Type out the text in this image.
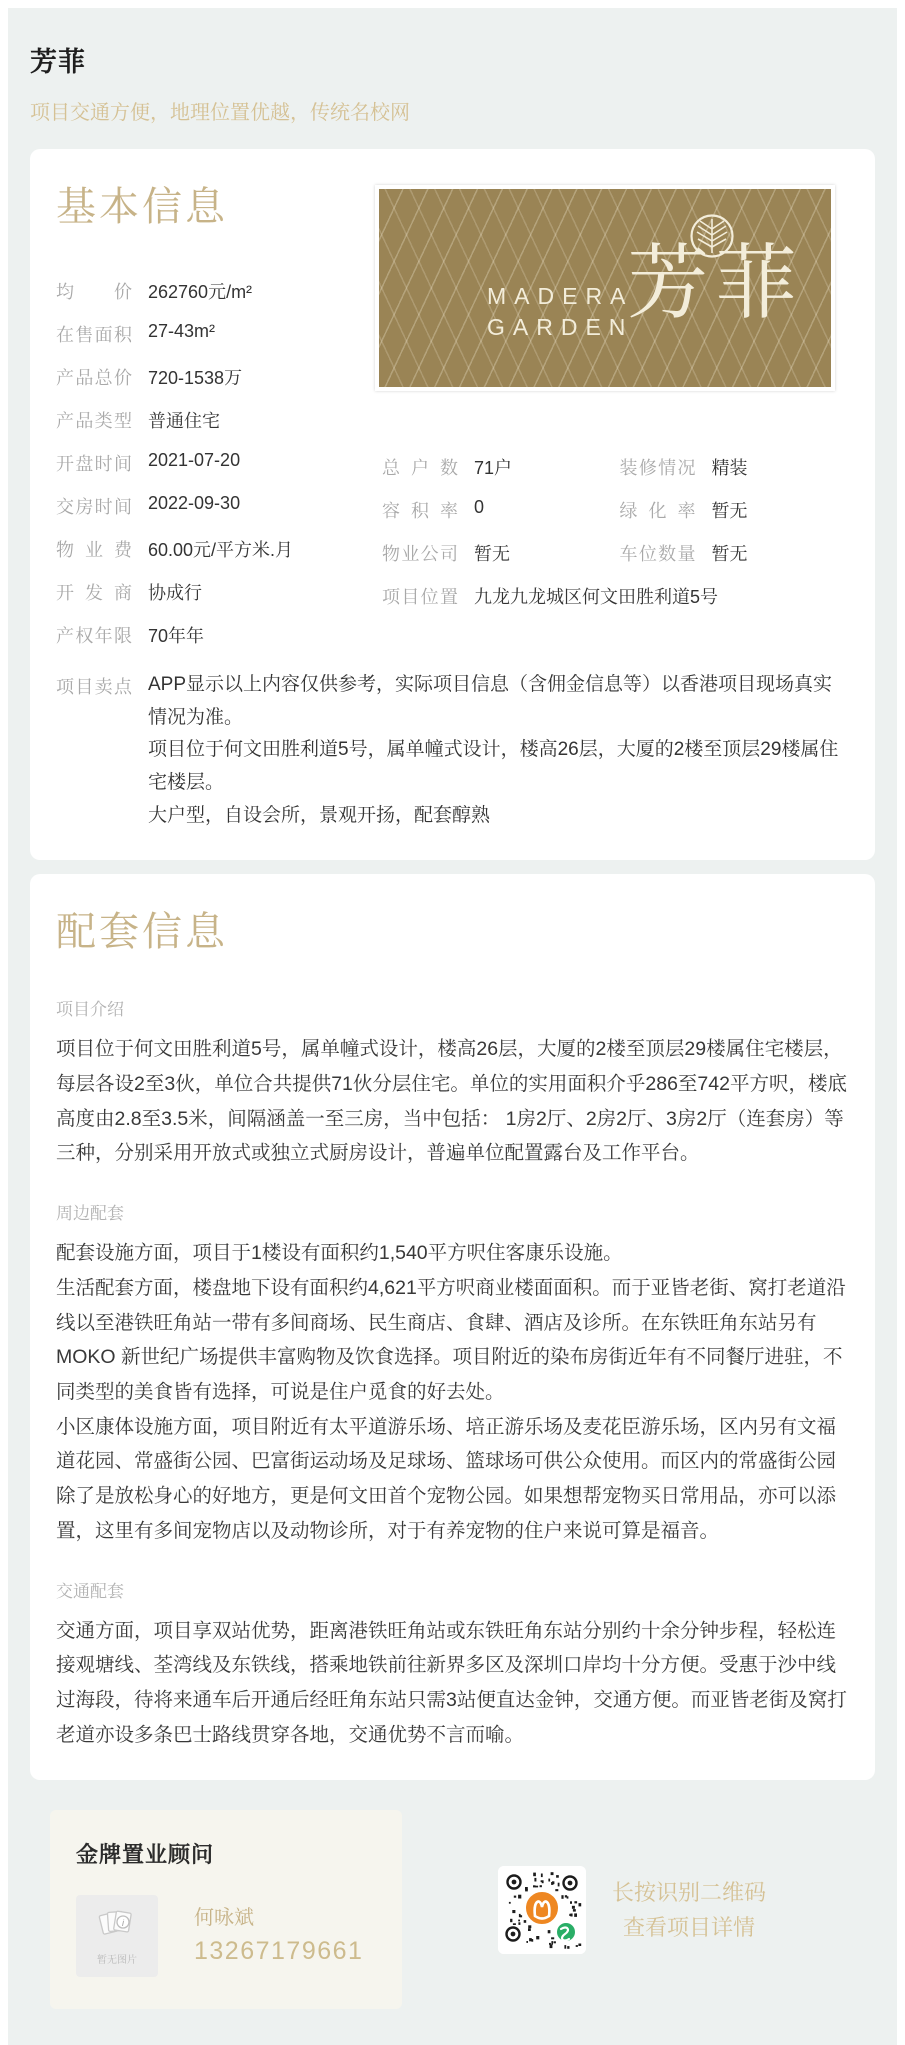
芳菲
项目交通方便，地理位置优越，传统名校网
基本信息
MADERA
GARDEN
芳菲
均价 262760元/m²
在售面积 27-43m²
产品总价 720-1538万
产品类型 普通住宅
开盘时间 2021-07-20
交房时间 2022-09-30
物业费 60.00元/平方米.月
开发商 协成行
产权年限 70年年
总户数 71户	装修情况 精装
容积率 0	绿化率 暂无
物业公司 暂无	车位数量 暂无
项目位置 九龙九龙城区何文田胜利道5号
项目卖点 APP显示以上内容仅供参考，实际项目信息（含佣金信息等）以香港项目现场真实情况为准。
项目位于何文田胜利道5号，属单幢式设计，楼高26层，大厦的2楼至顶层29楼属住宅楼层。
大户型，自设会所，景观开扬，配套醇熟
配套信息
项目介绍

项目位于何文田胜利道5号，属单幢式设计，楼高26层，大厦的2楼至顶层29楼属住宅楼层，每层各设2至3伙，单位合共提供71伙分层住宅。单位的实用面积介乎286至742平方呎，楼底高度由2.8至3.5米，间隔涵盖一至三房，当中包括： 1房2厅、2房2厅、3房2厅（连套房）等三种，分别采用开放式或独立式厨房设计，普遍单位配置露台及工作平台。

周边配套

配套设施方面，项目于1楼设有面积约1,540平方呎住客康乐设施。

生活配套方面，楼盘地下设有面积约4,621平方呎商业楼面面积。而于亚皆老街、窝打老道沿线以至港铁旺角站一带有多间商场、民生商店、食肆、酒店及诊所。在东铁旺角东站另有MOKO 新世纪广场提供丰富购物及饮食选择。项目附近的染布房街近年有不同餐厅进驻，不同类型的美食皆有选择，可说是住户觅食的好去处。

小区康体设施方面，项目附近有太平道游乐场、培正游乐场及麦花臣游乐场，区内另有文福道花园、常盛街公园、巴富街运动场及足球场、篮球场可供公众使用。而区内的常盛街公园除了是放松身心的好地方，更是何文田首个宠物公园。如果想帮宠物买日常用品，亦可以添置，这里有多间宠物店以及动物诊所，对于有养宠物的住户来说可算是福音。

交通配套

交通方面，项目享双站优势，距离港铁旺角站或东铁旺角东站分别约十余分钟步程，轻松连接观塘线、荃湾线及东铁线，搭乘地铁前往新界多区及深圳口岸均十分方便。受惠于沙中线过海段，待将来通车后开通后经旺角东站只需3站便直达金钟，交通方便。而亚皆老街及窝打老道亦设多条巴士路线贯穿各地，交通优势不言而喻。

金牌置业顾问
i
暂无图片
何咏斌
13267179661
长按识别二维码
查看项目详情
